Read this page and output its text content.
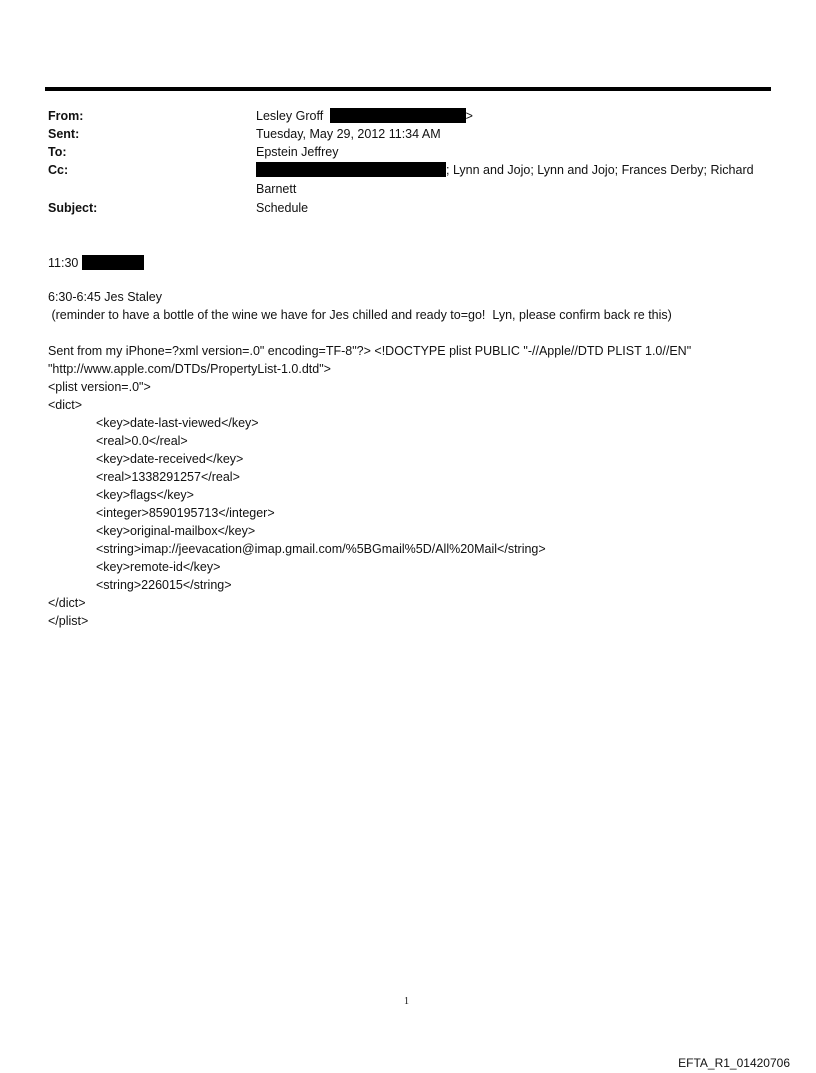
From:
Sent:
To:
Cc:
Subject:
Lesley Groff	>
Tuesday, May 29, 2012 11:34 AM
Epstein Jeffrey
; Lynn and Jojo; Lynn and Jojo; Frances Derby; Richard
Barnett
Schedule
11:30
6:30-6:45 Jes Staley
(reminder to have a bottle of the wine we have for Jes chilled and ready to=go!  Lyn, please confirm back re this)
Sent from my iPhone=?xml version=.0" encoding=TF-8"?> <!DOCTYPE plist PUBLIC "-//Apple//DTD PLIST 1.0//EN"
"http://www.apple.com/DTDs/PropertyList-1.0.dtd">
<plist version=.0">
<dict>
<key>date-last-viewed</key>
<real>0.0</real>
<key>date-received</key>
<real>1338291257</real>
<key>flags</key>
<integer>8590195713</integer>
<key>original-mailbox</key>
<string>imap://jeevacation@imap.gmail.com/%5BGmail%5D/All%20Mail</string>
<key>remote-id</key>
<string>226015</string>
</dict>
</plist>
1
EFTA_R1_01420706
